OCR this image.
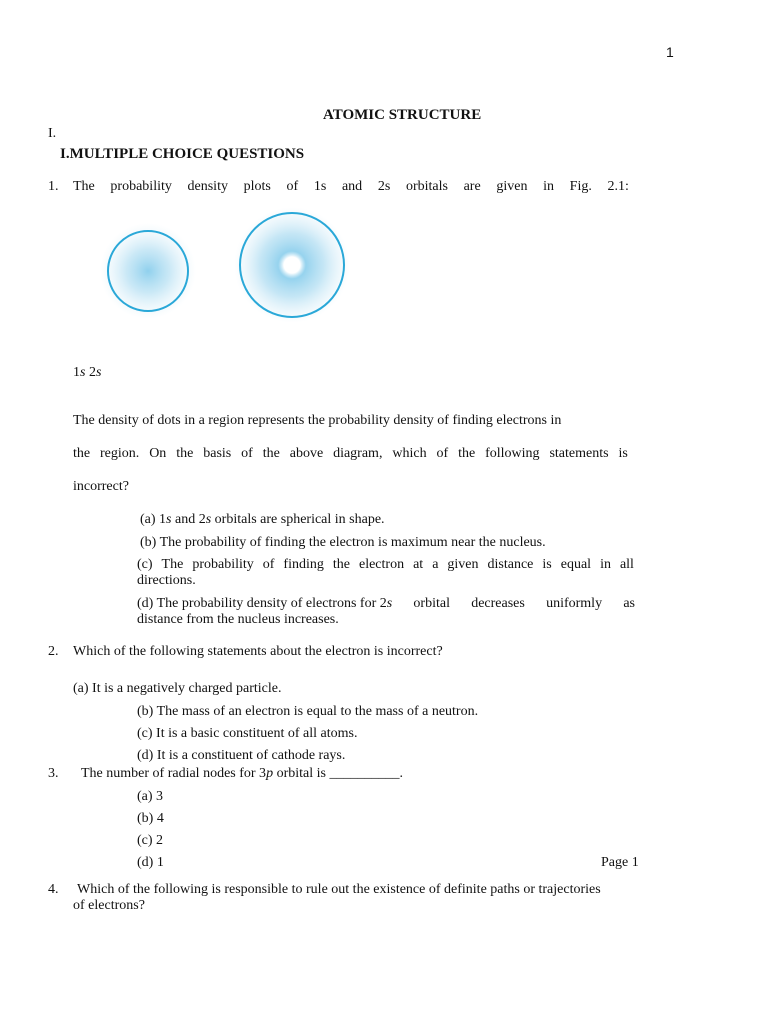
1
ATOMIC STRUCTURE
I.
I.MULTIPLE CHOICE QUESTIONS
1. The probability density plots of 1s and 2s orbitals are given in Fig. 2.1:
1s 2s
The density of dots in a region represents the probability density of finding electrons in
the region. On the basis of the above diagram, which of the following statements is
incorrect?
(a) 1s and 2s orbitals are spherical in shape.
(b) The probability of finding the electron is maximum near the nucleus.
(c) The probability of finding the electron at a given distance is equal in all
directions.
(d) The probability density of electrons for 2s orbital decreases uniformly as
distance from the nucleus increases.
2. Which of the following statements about the electron is incorrect?
(a) It is a negatively charged particle.
(b) The mass of an electron is equal to the mass of a neutron.
(c) It is a basic constituent of all atoms.
(d) It is a constituent of cathode rays.
3. The number of radial nodes for 3p orbital is __________.
(a) 3
(b) 4
(c) 2
(d) 1	Page 1
4. Which of the following is responsible to rule out the existence of definite paths or trajectories
of electrons?
